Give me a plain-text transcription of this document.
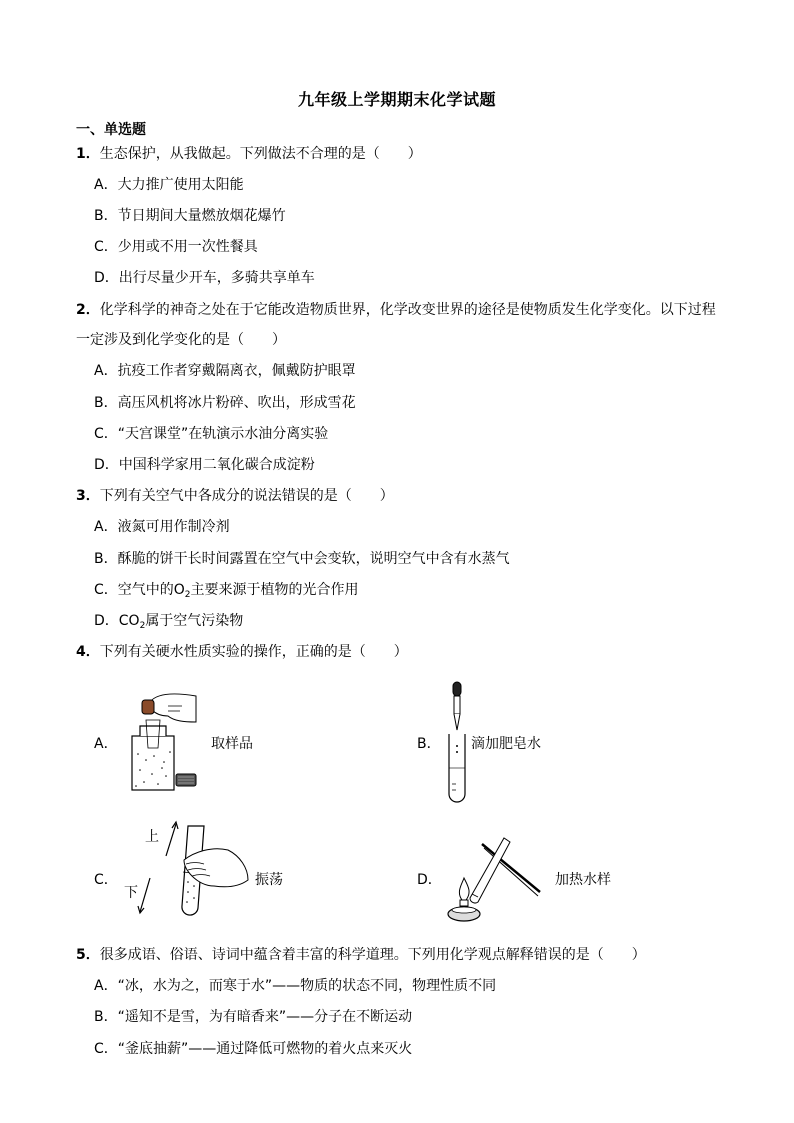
九年级上学期期末化学试题
一、单选题
1．生态保护，从我做起。下列做法不合理的是（　　）
A．大力推广使用太阳能
B．节日期间大量燃放烟花爆竹
C．少用或不用一次性餐具
D．出行尽量少开车，多骑共享单车
2．化学科学的神奇之处在于它能改造物质世界，化学改变世界的途径是使物质发生化学变化。以下过程
一定涉及到化学变化的是（　　）
A．抗疫工作者穿戴隔离衣，佩戴防护眼罩
B．高压风机将冰片粉碎、吹出，形成雪花
C．“天宫课堂”在轨演示水油分离实验
D．中国科学家用二氧化碳合成淀粉
3．下列有关空气中各成分的说法错误的是（　　）
A．液氮可用作制冷剂
B．酥脆的饼干长时间露置在空气中会变软，说明空气中含有水蒸气
C．空气中的$O_2$主要来源于植物的光合作用
D．$CO_2$属于空气污染物
4．下列有关硬水性质实验的操作，正确的是（　　）
A．	取样品	B． 滴加肥皂水
C．
上
下
振荡	D．	加热水样
5．很多成语、俗语、诗词中蕴含着丰富的科学道理。下列用化学观点解释错误的是（　　）
A．“冰，水为之，而寒于水”——物质的状态不同，物理性质不同
B．“遥知不是雪，为有暗香来”——分子在不断运动
C．“釜底抽薪”——通过降低可燃物的着火点来灭火
